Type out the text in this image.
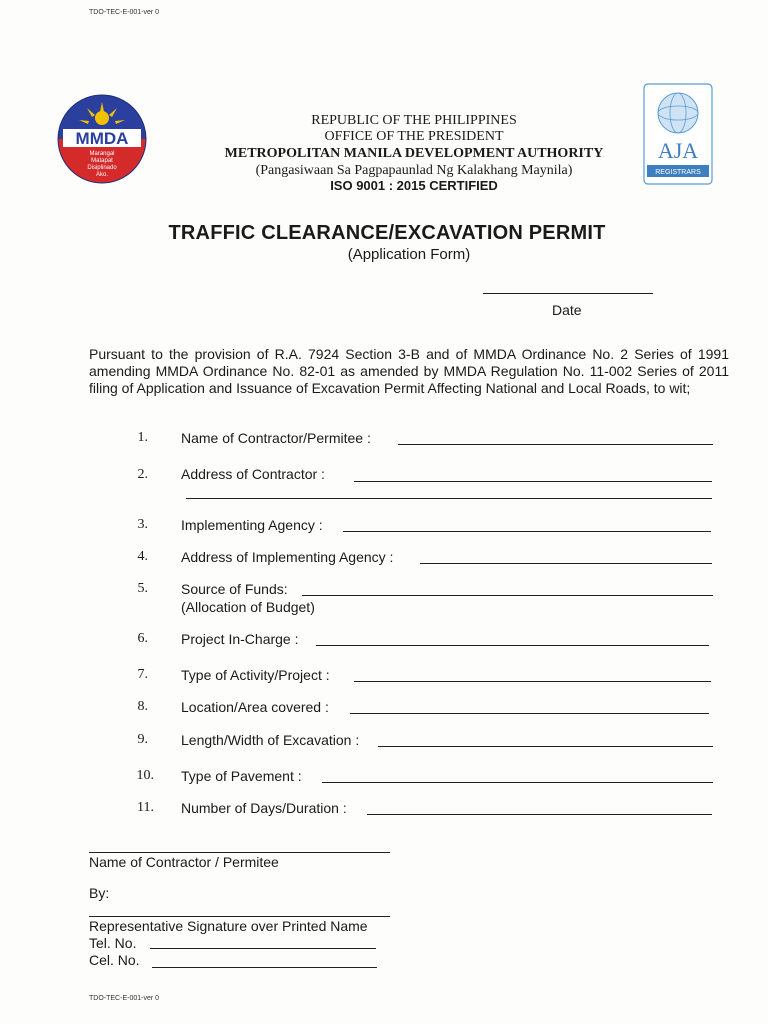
TDO-TEC-E-001-ver 0
MMDA
Marangal
Matapat
Disiplinado
Ako.
AJA
REGISTRARS
REPUBLIC OF THE PHILIPPINES
OFFICE OF THE PRESIDENT
METROPOLITAN MANILA DEVELOPMENT AUTHORITY
(Pangasiwaan Sa Pagpapaunlad Ng Kalakhang Maynila)
ISO 9001 : 2015 CERTIFIED
TRAFFIC CLEARANCE/EXCAVATION PERMIT
(Application Form)
Date
Pursuant to the provision of R.A. 7924 Section 3-B and of MMDA Ordinance No. 2 Series of 1991 amending MMDA Ordinance No. 82-01 as amended by MMDA Regulation No. 11-002 Series of 2011 filing of Application and Issuance of Excavation Permit Affecting National and Local Roads, to wit;
1. Name of Contractor/Permitee :
2. Address of Contractor :
3. Implementing Agency :
4. Address of Implementing Agency :
5. Source of Funds:
(Allocation of Budget)
6. Project In-Charge :
7. Type of Activity/Project :
8. Location/Area covered :
9. Length/Width of Excavation :
10. Type of Pavement :
11. Number of Days/Duration :
Name of Contractor / Permitee
By:
Representative Signature over Printed Name
Tel. No.
Cel. No.
TDO-TEC-E-001-ver 0
